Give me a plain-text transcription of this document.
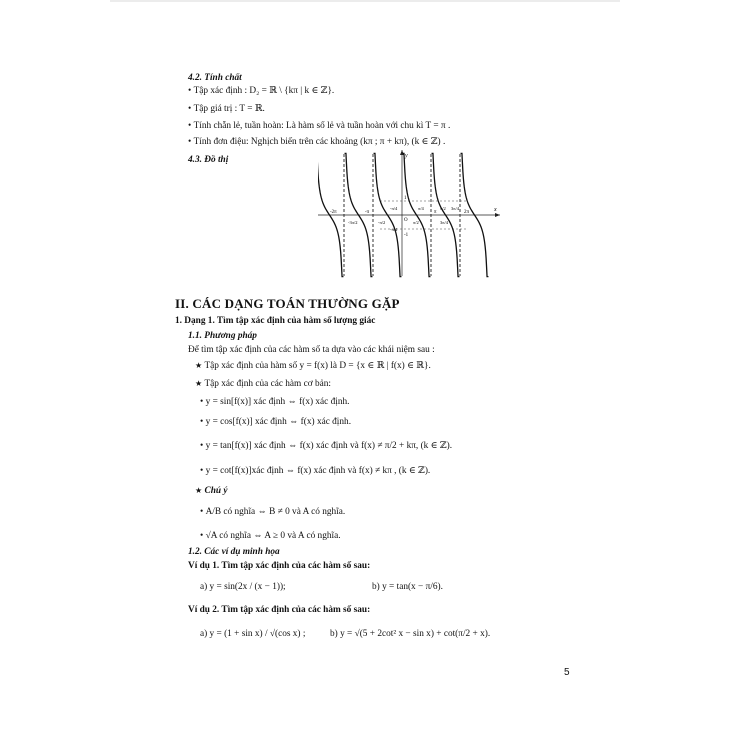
4.2. Tính chất
• Tập xác định : D₂ = ℝ \ {kπ | k ∈ ℤ}.
• Tập giá trị : T = ℝ.
• Tính chẵn lẻ, tuần hoàn: Là hàm số lẻ và tuần hoàn với chu kì T = π .
• Tính đơn điệu: Nghịch biến trên các khoảng (kπ ; π + kπ), (k ∈ ℤ) .
4.3. Đồ thị	y
x
O
1
-1
-2π	-π	π	2π
-π/4	π/4	π/2 3π/4
-3π/2	-π/2
-π/4
π/2	3π/4
II. CÁC DẠNG TOÁN THƯỜNG GẶP
1. Dạng 1. Tìm tập xác định của hàm số lượng giác
1.1. Phương pháp
Để tìm tập xác định của các hàm số ta dựa vào các khái niệm sau :
★ Tập xác định của hàm số y = f(x) là D = {x ∈ ℝ | f(x) ∈ ℝ}.
★ Tập xác định của các hàm cơ bản:
• y = sin[f(x)] xác định ⇔ f(x) xác định.
• y = cos[f(x)] xác định ⇔ f(x) xác định.
• y = tan[f(x)] xác định ⇔ f(x) xác định và f(x) ≠ π/2 + kπ, (k ∈ ℤ).
• y = cot[f(x)]xác định ⇔ f(x) xác định và f(x) ≠ kπ , (k ∈ ℤ).
★ Chú ý
• A/B có nghĩa ⇔ B ≠ 0 và A có nghĩa.
• √A có nghĩa ⇔ A ≥ 0 và A có nghĩa.
1.2. Các ví dụ minh họa
Ví dụ 1. Tìm tập xác định của các hàm số sau:
a) y = sin(2x / (x − 1));	b) y = tan(x − π/6).
Ví dụ 2. Tìm tập xác định của các hàm số sau:
a) y = (1 + sin x) / √(cos x) ;	b) y = √(5 + 2cot² x − sin x) + cot(π/2 + x).
5
